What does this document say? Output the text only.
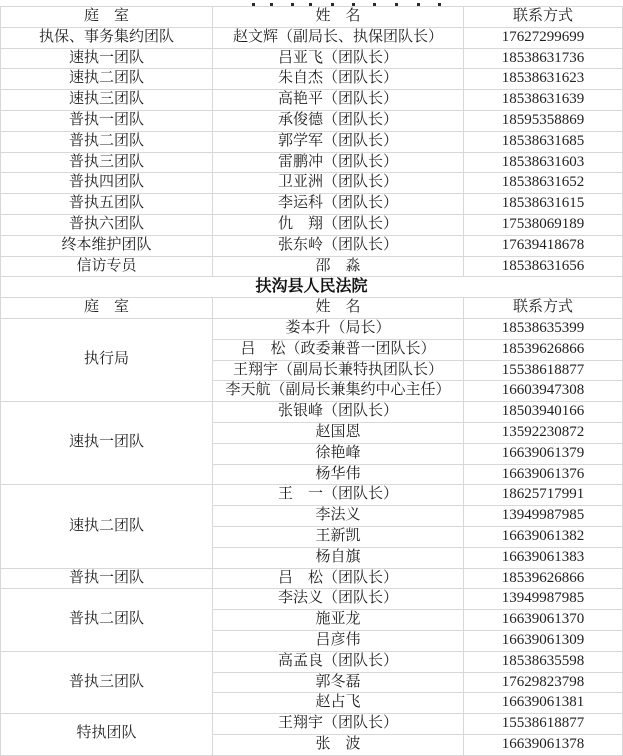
庭　室	姓　名	联系方式
执保、事务集约团队	赵文辉（副局长、执保团队长）	17627299699
速执一团队	吕亚飞（团队长）	18538631736
速执二团队	朱自杰（团队长）	18538631623
速执三团队	高艳平（团队长）	18538631639
普执一团队	承俊德（团队长）	18595358869
普执二团队	郭学军（团队长）	18538631685
普执三团队	雷鹏冲（团队长）	18538631603
普执四团队	卫亚洲（团队长）	18538631652
普执五团队	李运科（团队长）	18538631615
普执六团队	仇　翔（团队长）	17538069189
终本维护团队	张东岭（团队长）	17639418678
信访专员	邵　淼	18538631656
扶沟县人民法院		
庭　室	姓　名	联系方式
执行局	娄本升（局长）	18538635399
	吕　松（政委兼普一团队长）	18539626866
	王翔宇（副局长兼特执团队长）	15538618877
	李天航（副局长兼集约中心主任）	16603947308
速执一团队	张银峰（团队长）	18503940166
	赵国恩	13592230872
	徐艳峰	16639061379
	杨华伟	16639061376
速执二团队	王　一（团队长）	18625717991
	李法义	13949987985
	王新凯	16639061382
	杨自旗	16639061383
普执一团队	吕　松（团队长）	18539626866
普执二团队	李法义（团队长）	13949987985
	施亚龙	16639061370
	吕彦伟	16639061309
普执三团队	高孟良（团队长）	18538635598
	郭冬磊	17629823798
	赵占飞	16639061381
特执团队	王翔宇（团队长）	15538618877
	张　波	16639061378
